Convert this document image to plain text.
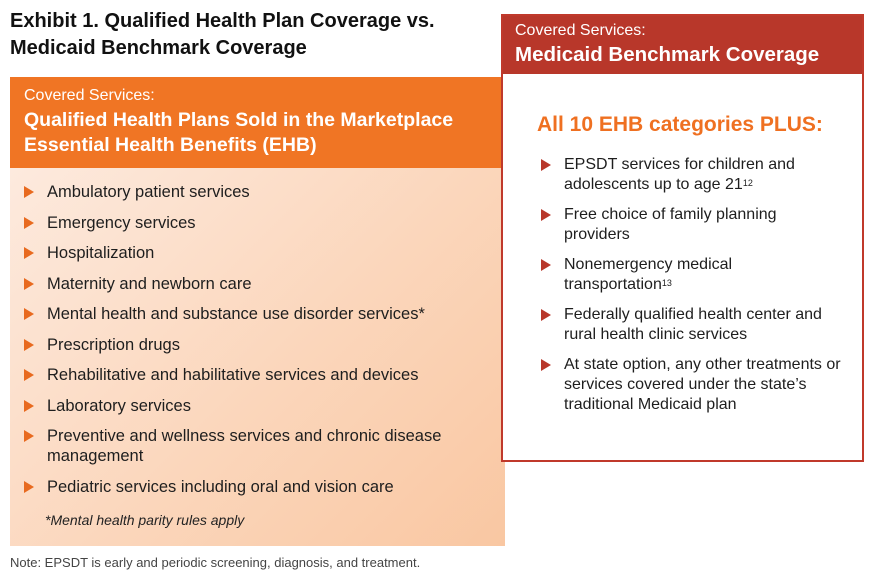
Exhibit 1. Qualified Health Plan Coverage vs.
Medicaid Benchmark Coverage
Covered Services:
Qualified Health Plans Sold in the Marketplace
Essential Health Benefits (EHB)
Ambulatory patient services
Emergency services
Hospitalization
Maternity and newborn care
Mental health and substance use disorder services*
Prescription drugs
Rehabilitative and habilitative services and devices
Laboratory services
Preventive and wellness services and chronic disease management
Pediatric services including oral and vision care
*Mental health parity rules apply
Covered Services:
Medicaid Benchmark Coverage
All 10 EHB categories PLUS:
EPSDT services for children and adolescents up to age $21^{12}$
Free choice of family planning providers
Nonemergency medical transportation$^{13}$
Federally qualified health center and rural health clinic services
At state option, any other treatments or services covered under the state’s traditional Medicaid plan
Note: EPSDT is early and periodic screening, diagnosis, and treatment.
